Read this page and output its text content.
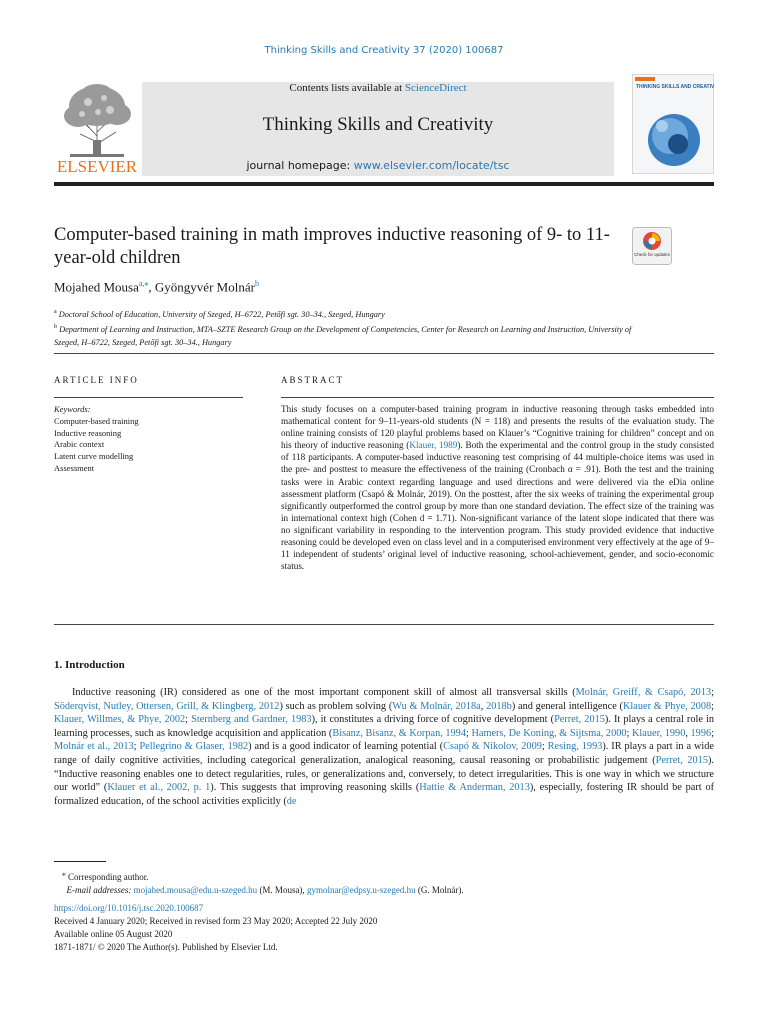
Thinking Skills and Creativity 37 (2020) 100687
ELSEVIER
Contents lists available at ScienceDirect
Thinking Skills and Creativity
journal homepage: www.elsevier.com/locate/tsc
THINKING SKILLS AND CREATIVITY
Computer-based training in math improves inductive reasoning of 9- to 11-year-old children	Check for updates
Mojahed Mousa$^{a,⁎}$, Gyöngyvér Molnár$^b$
$^a$ Doctoral School of Education, University of Szeged, H–6722, Petőfi sgt. 30–34., Szeged, Hungary
$^b$ Department of Learning and Instruction, MTA–SZTE Research Group on the Development of Competencies, Center for Research on Learning and Instruction, University of Szeged, H–6722, Szeged, Petőfi sgt. 30–34., Hungary
ARTICLE INFO	ABSTRACT
Keywords:
Computer-based training
Inductive reasoning
Arabic context
Latent curve modelling
Assessment
This study focuses on a computer-based training program in inductive reasoning through tasks embedded into mathematical content for 9–11-years-old students (N = 118) and presents the results of the evaluation study. The online training consists of 120 playful problems based on Klauer’s “Cognitive training for children” concept and on his theory of inductive reasoning (Klauer, 1989). Both the experimental and the control group in the study consisted of 118 participants. A computer-based inductive reasoning test comprising of 44 multiple-choice items was used in the pre- and posttest to measure the effectiveness of the training (Cronbach α = .91). Both the test and the training tasks were in Arabic context regarding language and used directions and were delivered via the eDia online assessment platform (Csapó & Molnár, 2019). On the posttest, after the six weeks of training the experimental group significantly outperformed the control group by more than one standard deviation. The effect size of the training was in international context high (Cohen d = 1.71). Non-significant variance of the latent slope indicated that there was no significant variability in responding to the intervention program. This study provided evidence that inductive reasoning could be developed even on class level and in a computerised environment very effectively at the age of 9–11 independent of students’ original level of inductive reasoning, school-achievement, gender, and socio-economic status.
1. Introduction
Inductive reasoning (IR) considered as one of the most important component skill of almost all transversal skills (Molnár, Greiff, & Csapó, 2013; Söderqvist, Nutley, Ottersen, Grill, & Klingberg, 2012) such as problem solving (Wu & Molnár, 2018a, 2018b) and general intelligence (Klauer & Phye, 2008; Klauer, Willmes, & Phye, 2002; Sternberg and Gardner, 1983), it constitutes a driving force of cognitive development (Perret, 2015). It plays a central role in learning processes, such as knowledge acquisition and application (Bisanz, Bisanz, & Korpan, 1994; Hamers, De Koning, & Sijtsma, 2000; Klauer, 1990, 1996; Molnár et al., 2013; Pellegrino & Glaser, 1982) and is a good indicator of learning potential (Csapó & Nikolov, 2009; Resing, 1993). IR plays a part in a wide range of daily cognitive activities, including categorical generalization, analogical reasoning, causal reasoning or probabilistic judgement (Perret, 2015). “Inductive reasoning enables one to detect regularities, rules, or generalizations and, conversely, to detect irregularities. This is one way in which we structure our world” (Klauer et al., 2002, p. 1). This suggests that improving reasoning skills (Hattie & Anderman, 2013), especially, fostering IR should be part of formalized education, of the school activities explicitly (de
⁎ Corresponding author.
E-mail addresses: mojahed.mousa@edu.u-szeged.hu (M. Mousa), gymolnar@edpsy.u-szeged.hu (G. Molnár).
https://doi.org/10.1016/j.tsc.2020.100687
Received 4 January 2020; Received in revised form 23 May 2020; Accepted 22 July 2020
Available online 05 August 2020
1871-1871/ © 2020 The Author(s). Published by Elsevier Ltd.
